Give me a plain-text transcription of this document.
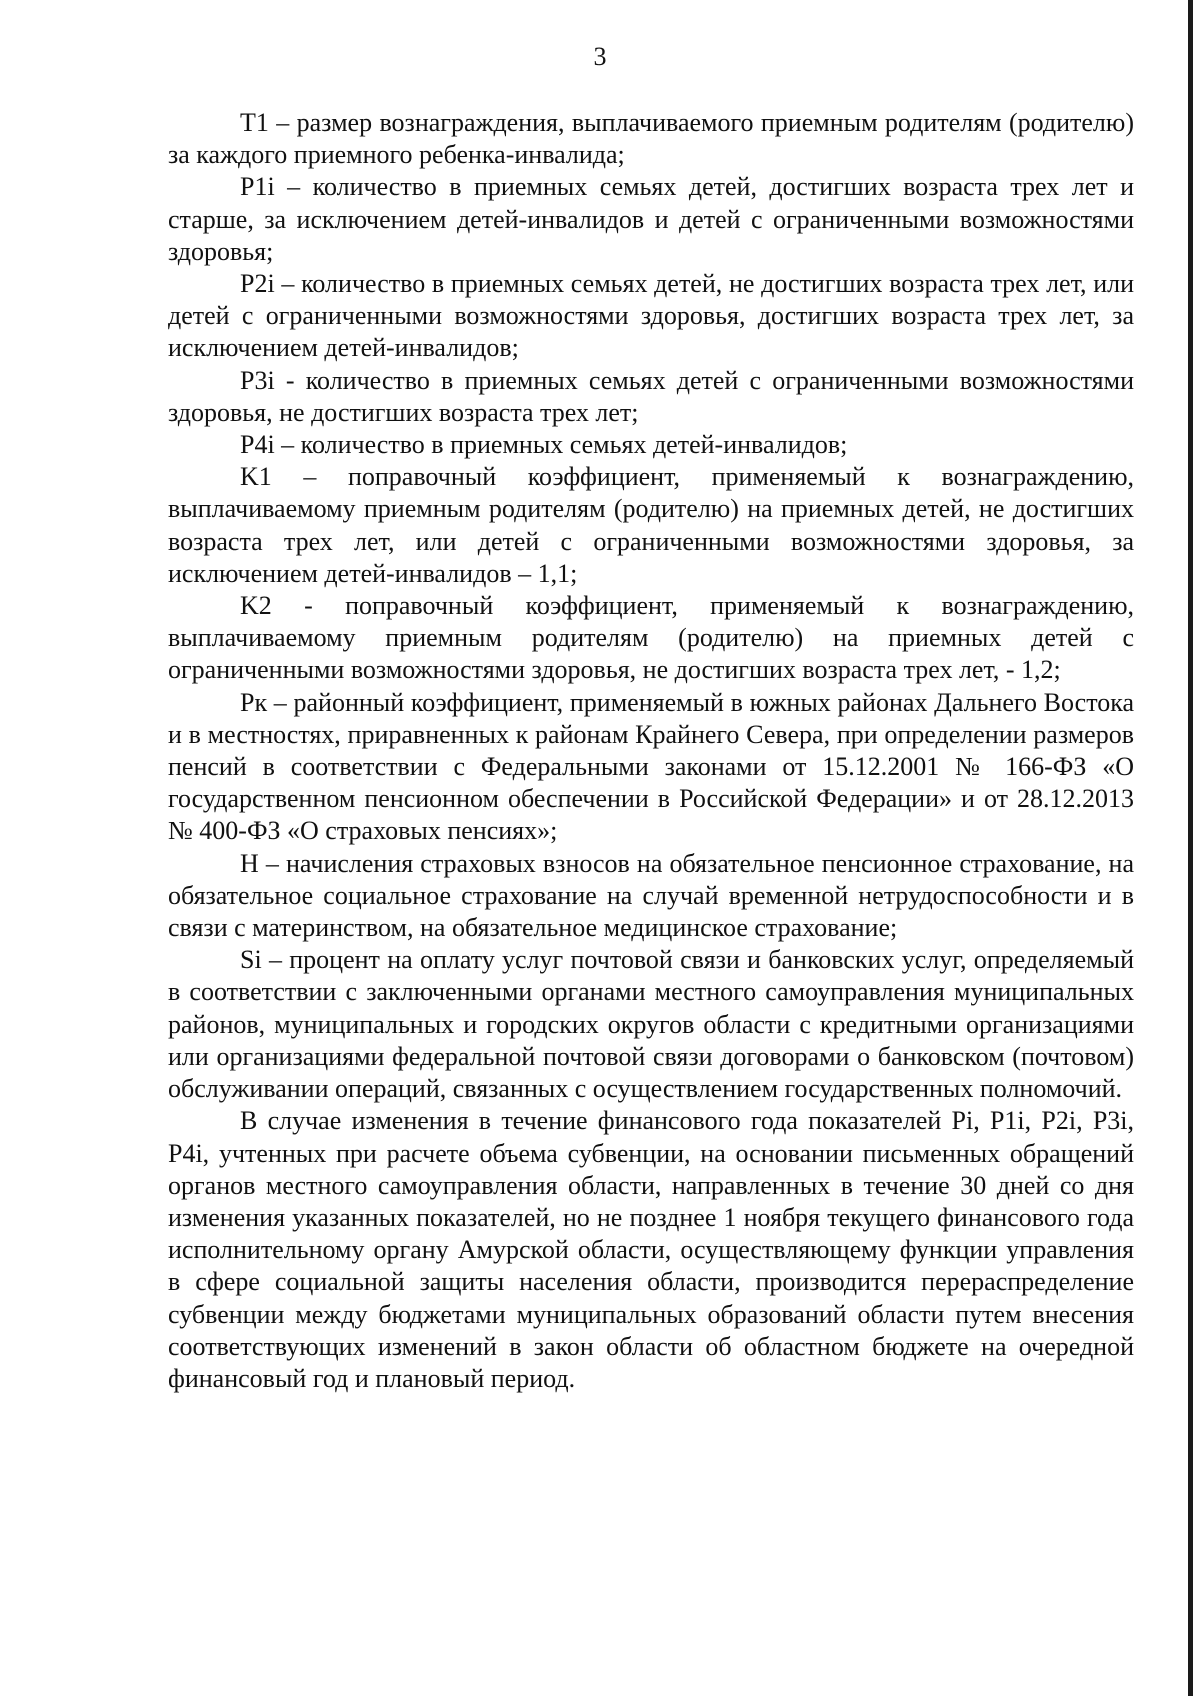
3

T1 – размер вознаграждения, выплачиваемого приемным родителям (родителю) за каждого приемного ребенка-инвалида;

P1i – количество в приемных семьях детей, достигших возраста трех лет и старше, за исключением детей-инвалидов и детей с ограниченными возможностями здоровья;

P2i – количество в приемных семьях детей, не достигших возраста трех лет, или детей с ограниченными возможностями здоровья, достигших возраста трех лет, за исключением детей-инвалидов;

P3i - количество в приемных семьях детей с ограниченными возможностями здоровья, не достигших возраста трех лет;

P4i – количество в приемных семьях детей-инвалидов;

K1 – поправочный коэффициент, применяемый к вознаграждению, выплачиваемому приемным родителям (родителю) на приемных детей, не достигших возраста трех лет, или детей с ограниченными возможностями здоровья, за исключением детей-инвалидов – 1,1;

K2 - поправочный коэффициент, применяемый к вознаграждению, выплачиваемому приемным родителям (родителю) на приемных детей с ограниченными возможностями здоровья, не достигших возраста трех лет, - 1,2;

Рк – районный коэффициент, применяемый в южных районах Дальнего Востока и в местностях, приравненных к районам Крайнего Севера, при определении размеров пенсий в соответствии с Федеральными законами от 15.12.2001 № 166-ФЗ «О государственном пенсионном обеспечении в Российской Федерации» и от 28.12.2013 № 400-ФЗ «О страховых пенсиях»;

Н – начисления страховых взносов на обязательное пенсионное страхование, на обязательное социальное страхование на случай временной нетрудоспособности и в связи с материнством, на обязательное медицинское страхование;

Si – процент на оплату услуг почтовой связи и банковских услуг, определяемый в соответствии с заключенными органами местного самоуправления муниципальных районов, муниципальных и городских округов области с кредитными организациями или организациями федеральной почтовой связи договорами о банковском (почтовом) обслуживании операций, связанных с осуществлением государственных полномочий.

В случае изменения в течение финансового года показателей Pi, P1i, P2i, P3i, P4i, учтенных при расчете объема субвенции, на основании письменных обращений органов местного самоуправления области, направленных в течение 30 дней со дня изменения указанных показателей, но не позднее 1 ноября текущего финансового года исполнительному органу Амурской области, осуществляющему функции управления в сфере социальной защиты населения области, производится перераспределение субвенции между бюджетами муниципальных образований области путем внесения соответствующих изменений в закон области об областном бюджете на очередной финансовый год и плановый период.
